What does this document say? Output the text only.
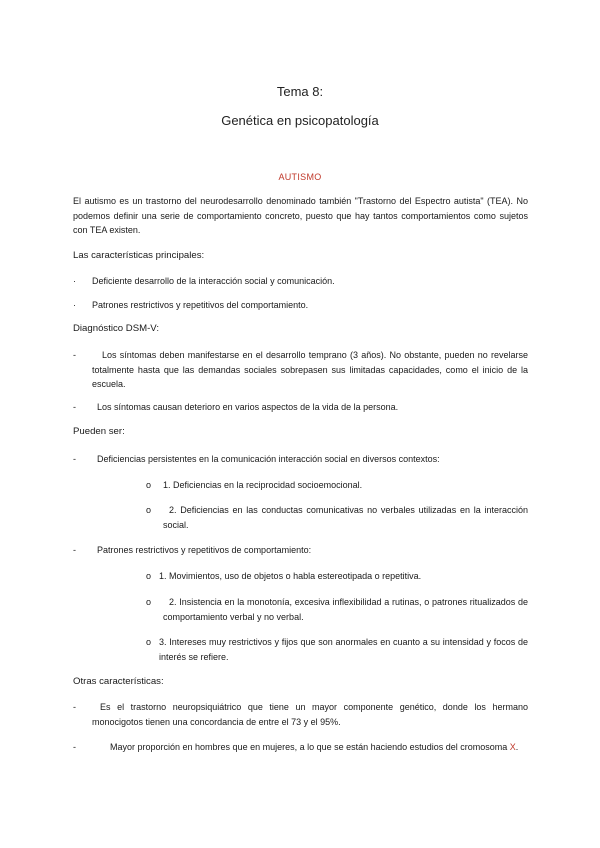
Tema 8:
Genética en psicopatología
AUTISMO

El autismo es un trastorno del neurodesarrollo denominado también "Trastorno del Espectro autista" (TEA). No podemos definir una serie de comportamiento concreto, puesto que hay tantos comportamientos como sujetos con TEA existen.

Las características principales:

· Deficiente desarrollo de la interacción social y comunicación.

· Patrones restrictivos y repetitivos del comportamiento.

Diagnóstico DSM-V:

-	Los síntomas deben manifestarse en el desarrollo temprano (3 años). No obstante, pueden no revelarse totalmente hasta que las demandas sociales sobrepasen sus limitadas capacidades, como el inicio de la escuela.

- Los síntomas causan deterioro en varios aspectos de la vida de la persona.

Pueden ser:

- Deficiencias persistentes en la comunicación interacción social en diversos contextos:

o 1. Deficiencias en la reciprocidad socioemocional.

o	2. Deficiencias en las conductas comunicativas no verbales utilizadas en la interacción social.

- Patrones restrictivos y repetitivos de comportamiento:

o 1. Movimientos, uso de objetos o habla estereotipada o repetitiva.

o	2. Insistencia en la monotonía, excesiva inflexibilidad a rutinas, o patrones ritualizados de comportamiento verbal y no verbal.

o 3. Intereses muy restrictivos y fijos que son anormales en cuanto a su intensidad y focos de interés se refiere.

Otras características:

-	Es el trastorno neuropsiquiátrico que tiene un mayor componente genético, donde los hermano monocigotos tienen una concordancia de entre el 73 y el 95%.

-	Mayor proporción en hombres que en mujeres, a lo que se están haciendo estudios del cromosoma X.
